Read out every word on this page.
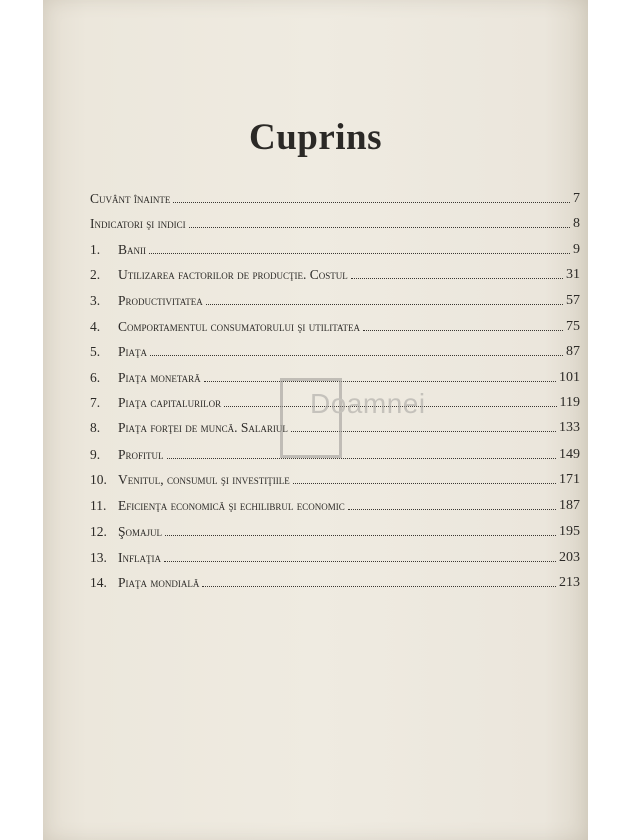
Cuprins
Cuvânt înainte	7
Indicatori şi indici	8
1.	Banii	9
2.	Utilizarea factorilor de producţie. Costul	31
3.	Productivitatea	57
4.	Comportamentul consumatorului şi utilitatea	75
5.	Piaţa	87
6.	Piaţa monetară	101
7.	Piaţa capitalurilor	119
8.	Piaţa forţei de muncă. Salariul	133
9.	Profitul	149
10. Venitul, consumul şi investiţiile	171
11. Eficienţa economică şi echilibrul economic	187
12. Şomajul	195
13. Inflaţia	203
14. Piaţa mondială	213
Doamnei
